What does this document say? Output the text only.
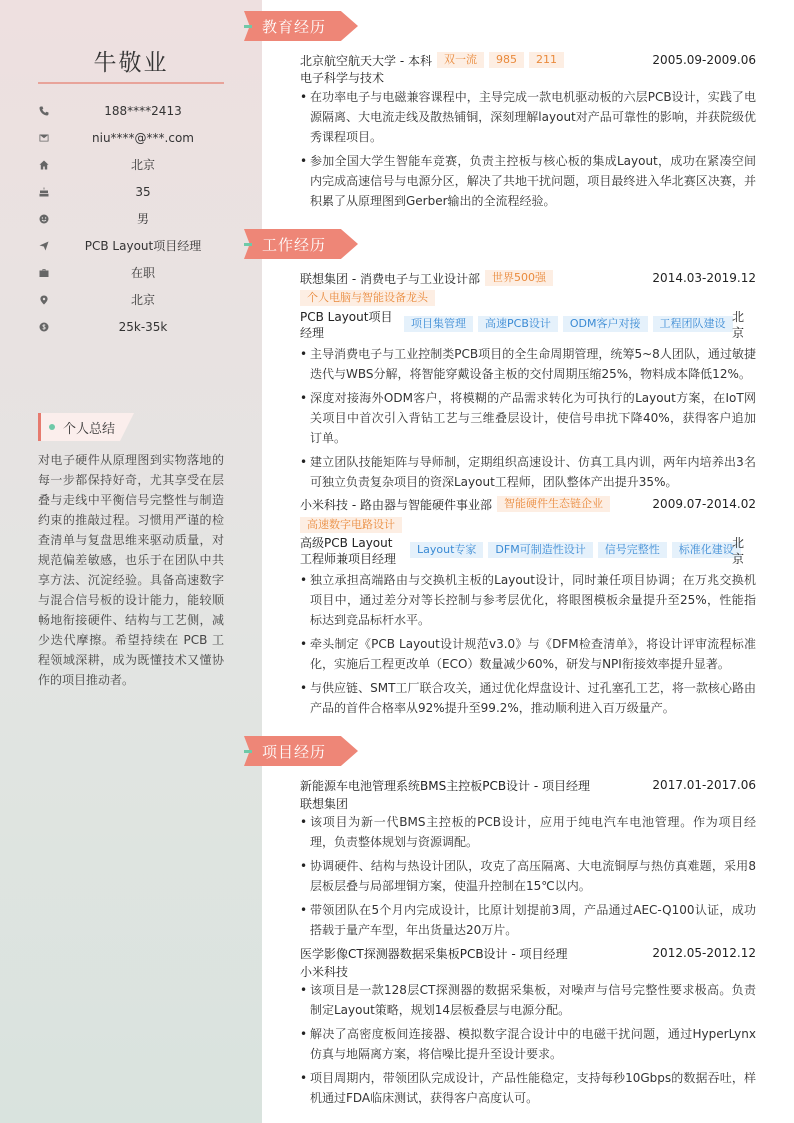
牛敬业
188****2413
niu****@***.com
北京
35
男
PCB Layout项目经理
在职
北京
25k-35k
个人总结
对电子硬件从原理图到实物落地的每一步都保持好奇，尤其享受在层叠与走线中平衡信号完整性与制造约束的推敲过程。习惯用严谨的检查清单与复盘思维来驱动质量，对规范偏差敏感，也乐于在团队中共享方法、沉淀经验。具备高速数字与混合信号板的设计能力，能较顺畅地衔接硬件、结构与工艺侧，减少迭代摩擦。希望持续在 PCB 工程领域深耕，成为既懂技术又懂协作的项目推动者。
教育经历
北京航空航天大学 - 本科	双一流	985	211	2005.09-2009.06
电子科学与技术
• 在功率电子与电磁兼容课程中，主导完成一款电机驱动板的六层PCB设计，实践了电源隔离、大电流走线及散热铺铜，深刻理解layout对产品可靠性的影响，并获院级优秀课程项目。
• 参加全国大学生智能车竞赛，负责主控板与核心板的集成Layout，成功在紧凑空间内完成高速信号与电源分区，解决了共地干扰问题，项目最终进入华北赛区决赛，并积累了从原理图到Gerber输出的全流程经验。
工作经历
联想集团 - 消费电子与工业设计部	世界500强	2014.03-2019.12
个人电脑与智能设备龙头
PCB Layout项目经理
项目集管理	高速PCB设计	ODM客户对接	工程团队建设 北京
• 主导消费电子与工业控制类PCB项目的全生命周期管理，统筹5~8人团队，通过敏捷迭代与WBS分解，将智能穿戴设备主板的交付周期压缩25%，物料成本降低12%。
• 深度对接海外ODM客户，将模糊的产品需求转化为可执行的Layout方案，在IoT网关项目中首次引入背钻工艺与三维叠层设计，使信号串扰下降40%，获得客户追加订单。
• 建立团队技能矩阵与导师制，定期组织高速设计、仿真工具内训，两年内培养出3名可独立负责复杂项目的资深Layout工程师，团队整体产出提升35%。
小米科技 - 路由器与智能硬件事业部	智能硬件生态链企业	2009.07-2014.02
高速数字电路设计
高级PCB Layout工程师兼项目经理
Layout专家	DFM可制造性设计	信号完整性	标准化建设
北京
• 独立承担高端路由与交换机主板的Layout设计，同时兼任项目协调；在万兆交换机项目中，通过差分对等长控制与参考层优化，将眼图模板余量提升至25%，性能指标达到竞品标杆水平。
• 牵头制定《PCB Layout设计规范v3.0》与《DFM检查清单》，将设计评审流程标准化，实施后工程更改单（ECO）数量减少60%，研发与NPI衔接效率提升显著。
• 与供应链、SMT工厂联合攻关，通过优化焊盘设计、过孔塞孔工艺，将一款核心路由产品的首件合格率从92%提升至99.2%，推动顺利进入百万级量产。
项目经历
新能源车电池管理系统BMS主控板PCB设计 - 项目经理	2017.01-2017.06
联想集团
• 该项目为新一代BMS主控板的PCB设计，应用于纯电汽车电池管理。作为项目经理，负责整体规划与资源调配。
• 协调硬件、结构与热设计团队，攻克了高压隔离、大电流铜厚与热仿真难题，采用8层板层叠与局部埋铜方案，使温升控制在15℃以内。
• 带领团队在5个月内完成设计，比原计划提前3周，产品通过AEC-Q100认证，成功搭载于量产车型，年出货量达20万片。
医学影像CT探测器数据采集板PCB设计 - 项目经理	2012.05-2012.12
小米科技
• 该项目是一款128层CT探测器的数据采集板，对噪声与信号完整性要求极高。负责制定Layout策略，规划14层板叠层与电源分配。
• 解决了高密度板间连接器、模拟数字混合设计中的电磁干扰问题，通过HyperLynx仿真与地隔离方案，将信噪比提升至设计要求。
• 项目周期内，带领团队完成设计，产品性能稳定，支持每秒10Gbps的数据吞吐，样机通过FDA临床测试，获得客户高度认可。
